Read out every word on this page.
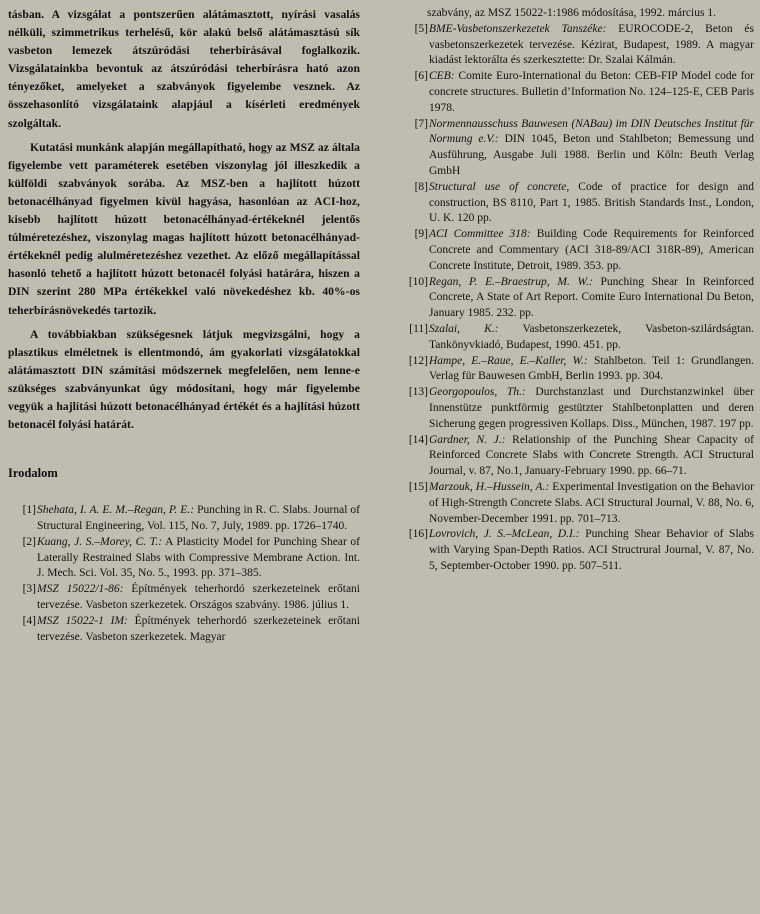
tásban. A vizsgálat a pontszerűen alátámasztott, nyírási vasalás nélküli, szimmetrikus terhelésű, kör alakú belső alátámasztású sík vasbeton lemezek átszúródási teherbírásával foglalkozik. Vizsgálatainkba bevontuk az átszúródási teherbírásra ható azon tényezőket, amelyeket a szabványok figyelembe vesznek. Az összehasonlító vizsgálataink alapjául a kísérleti eredmények szolgáltak.

Kutatási munkánk alapján megállapítható, hogy az MSZ az általa figyelembe vett paraméterek esetében viszonylag jól illeszkedik a külföldi szabványok sorába. Az MSZ-ben a hajlított húzott betonacélhányad figyelmen kívül hagyása, hasonlóan az ACI-hoz, kisebb hajlított húzott betonacélhányad-értékeknél jelentős túlméretezéshez, viszonylag magas hajlított húzott betonacélhányad-értékeknél pedig alulméretezéshez vezethet. Az előző megállapítással hasonló tehető a hajlított húzott betonacél folyási határára, hiszen a DIN szerint 280 MPa értékekkel való növekedéshez kb. 40%-os teherbírásnövekedés tartozik.

A továbbiakban szükségesnek látjuk megvizsgálni, hogy a plasztikus elméletnek is ellentmondó, ám gyakorlati vizsgálatokkal alátámasztott DIN számítási módszernek megfelelően, nem lenne-e szükséges szabványunkat úgy módosítani, hogy már figyelembe vegyük a hajlítási húzott betonacélhányad értékét és a hajlítási húzott betonacél folyási határát.

Irodalom
[1] Shehata, I. A. E. M.–Regan, P. E.: Punching in R. C. Slabs. Journal of Structural Engineering, Vol. 115, No. 7, July, 1989. pp. 1726–1740.
[2] Kuang, J. S.–Morey, C. T.: A Plasticity Model for Punching Shear of Laterally Restrained Slabs with Compressive Membrane Action. Int. J. Mech. Sci. Vol. 35, No. 5., 1993. pp. 371–385.
[3] MSZ 15022/1-86: Építmények teherhordó szerkezeteinek erőtani tervezése. Vasbeton szerkezetek. Országos szabvány. 1986. július 1.
[4] MSZ 15022-1 IM: Építmények teherhordó szerkezeteinek erőtani tervezése. Vasbeton szerkezetek. Magyar
szabvány, az MSZ 15022-1:1986 módosítása, 1992. március 1.
[5] BME-Vasbetonszerkezetek Tanszéke: EUROCODE-2, Beton és vasbetonszerkezetek tervezése. Kézirat, Budapest, 1989. A magyar kiadást lektorálta és szerkesztette: Dr. Szalai Kálmán.
[6] CEB: Comite Euro-International du Beton: CEB-FIP Model code for concrete structures. Bulletin d’Information No. 124–125-E, CEB Paris 1978.
[7] Normennausschuss Bauwesen (NABau) im DIN Deutsches Institut für Normung e.V.: DIN 1045, Beton und Stahlbeton; Bemessung und Ausführung, Ausgabe Juli 1988. Berlin und Köln: Beuth Verlag GmbH
[8] Structural use of concrete, Code of practice for design and construction, BS 8110, Part 1, 1985. British Standards Inst., London, U. K. 120 pp.
[9] ACI Committee 318: Building Code Requirements for Reinforced Concrete and Commentary (ACI 318-89/ACI 318R-89), American Concrete Institute, Detroit, 1989. 353. pp.
[10] Regan, P. E.–Braestrup, M. W.: Punching Shear In Reinforced Concrete, A State of Art Report. Comite Euro International Du Beton, January 1985. 232. pp.
[11] Szalai, K.: Vasbetonszerkezetek, Vasbeton-szilárdságtan. Tankönyvkiadó, Budapest, 1990. 451. pp.
[12] Hampe, E.–Raue, E.–Kaller, W.: Stahlbeton. Teil 1: Grundlangen. Verlag für Bauwesen GmbH, Berlin 1993. pp. 304.
[13] Georgopoulos, Th.: Durchstanzlast und Durchstanzwinkel über Innenstütze punktförmig gestützter Stahlbetonplatten und deren Sicherung gegen progressiven Kollaps. Diss., München, 1987. 197 pp.
[14] Gardner, N. J.: Relationship of the Punching Shear Capacity of Reinforced Concrete Slabs with Concrete Strength. ACI Structural Journal, v. 87, No.1, January-February 1990. pp. 66–71.
[15] Marzouk, H.–Hussein, A.: Experimental Investigation on the Behavior of High-Strength Concrete Slabs. ACI Structural Journal, V. 88, No. 6, November-December 1991. pp. 701–713.
[16] Lovrovich, J. S.–McLean, D.I.: Punching Shear Behavior of Slabs with Varying Span-Depth Ratios. ACI Structrural Journal, V. 87, No. 5, September-October 1990. pp. 507–511.
